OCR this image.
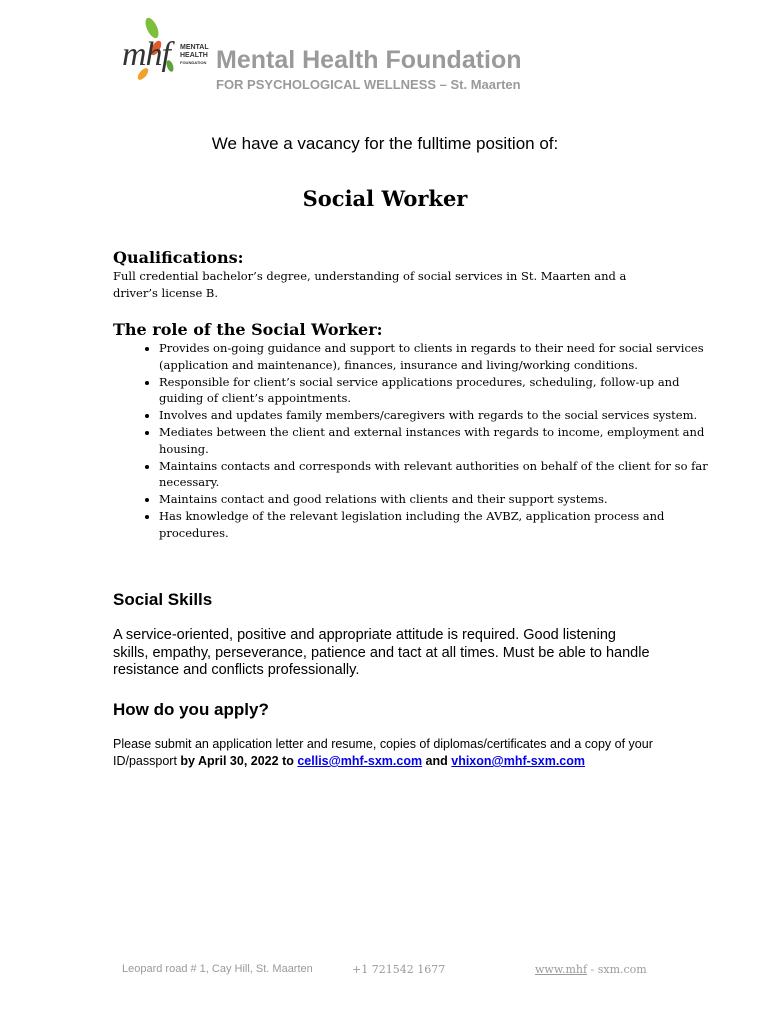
mhf MENTAL
HEALTH
FOUNDATION Mental Health Foundation
FOR PSYCHOLOGICAL WELLNESS – St. Maarten
We have a vacancy for the fulltime position of:
Social Worker
Qualifications:
Full credential bachelor’s degree, understanding of social services in St. Maarten and a driver’s license B.
The role of the Social Worker:
• Provides on-going guidance and support to clients in regards to their need for social services (application and maintenance), finances, insurance and living/working conditions.
• Responsible for client’s social service applications procedures, scheduling, follow-up and guiding of client’s appointments.
• Involves and updates family members/caregivers with regards to the social services system.
• Mediates between the client and external instances with regards to income, employment and housing.
• Maintains contacts and corresponds with relevant authorities on behalf of the client for so far necessary.
• Maintains contact and good relations with clients and their support systems.
• Has knowledge of the relevant legislation including the AVBZ, application process and procedures.
Social Skills
A service-oriented, positive and appropriate attitude is required. Good listening skills, empathy, perseverance, patience and tact at all times. Must be able to handle resistance and conflicts professionally.
How do you apply?
Please submit an application letter and resume, copies of diplomas/certificates and a copy of your ID/passport by April 30, 2022 to cellis@mhf-sxm.com and vhixon@mhf-sxm.com
Leopard road # 1, Cay Hill, St. Maarten	+1 721542 1677	www.mhf - sxm.com
